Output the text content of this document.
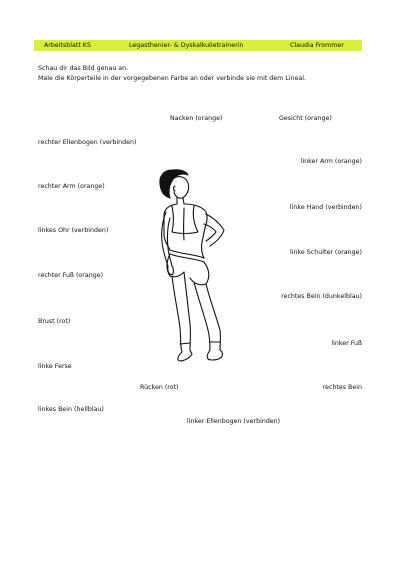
Arbeitsblatt KS	Legasthenier- & Dyskalkulietrainerin	Claudia Frommer
Schau dir das Bild genau an.
Male die Körperteile in der vorgegebenen Farbe an oder verbinde sie mit dem Lineal.
Nacken (orange)	Gesicht (orange)
rechter Ellenbogen (verbinden)
linker Arm (orange)
rechter Arm (orange)
linke Hand (verbinden)
linkes Ohr (verbinden)
linke Schulter (orange)
rechter Fuß (orange)
rechtes Bein (dunkelblau)
Brust (rot)
linker Fuß
linke Ferse
Rücken (rot)	rechtes Bein
linkes Bein (hellblau)
linker Ellenbogen (verbinden)
